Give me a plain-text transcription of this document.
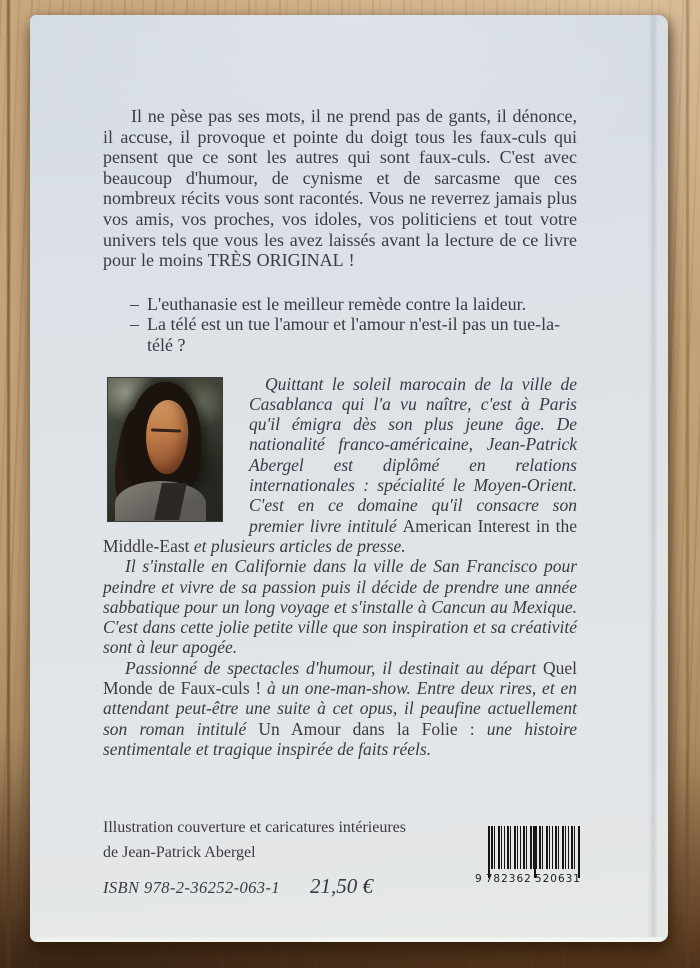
Il ne pèse pas ses mots, il ne prend pas de gants, il dénonce, il accuse, il provoque et pointe du doigt tous les faux-culs qui pensent que ce sont les autres qui sont faux-culs. C'est avec beaucoup d'humour, de cynisme et de sarcasme que ces nombreux récits vous sont racontés. Vous ne reverrez jamais plus vos amis, vos proches, vos idoles, vos politiciens et tout votre univers tels que vous les avez laissés avant la lecture de ce livre pour le moins TRÈS ORIGINAL !

– L'euthanasie est le meilleur remède contre la laideur.
– La télé est un tue l'amour et l'amour n'est-il pas un tue-la-télé ?

Quittant le soleil marocain de la ville de Casablanca qui l'a vu naître, c'est à Paris qu'il émigra dès son plus jeune âge. De nationalité franco-américaine, Jean-Patrick Abergel est diplômé en relations internationales : spécialité le Moyen-Orient. C'est en ce domaine qu'il consacre son premier livre intitulé American Interest in the Middle-East et plusieurs articles de presse.

Il s'installe en Californie dans la ville de San Francisco pour peindre et vivre de sa passion puis il décide de prendre une année sabbatique pour un long voyage et s'installe à Cancun au Mexique. C'est dans cette jolie petite ville que son inspiration et sa créativité sont à leur apogée.

Passionné de spectacles d'humour, il destinait au départ Quel Monde de Faux-culs ! à un one-man-show. Entre deux rires, et en attendant peut-être une suite à cet opus, il peaufine actuellement son roman intitulé Un Amour dans la Folie : une histoire sentimentale et tragique inspirée de faits réels.

Illustration couverture et caricatures intérieures
de Jean-Patrick Abergel
ISBN 978-2-36252-063-1 21,50 €	9 782362 520631
